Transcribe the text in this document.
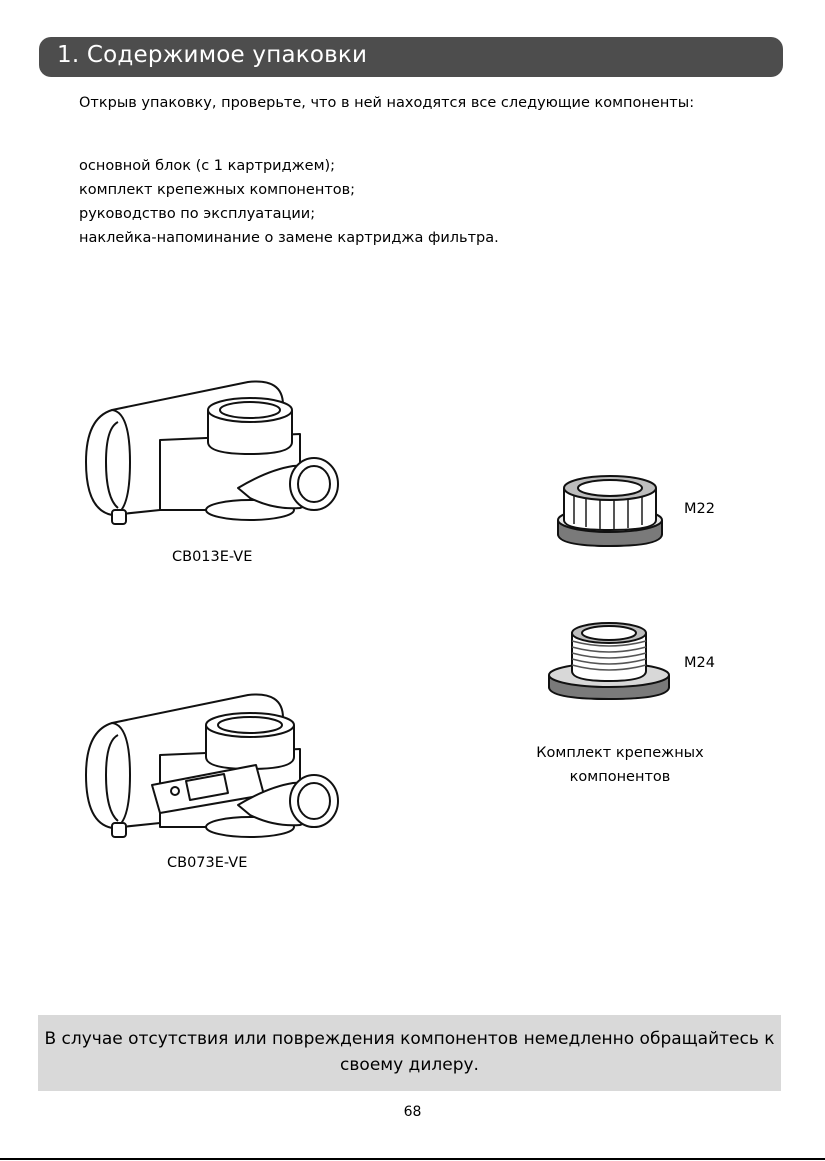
1. Содержимое упаковки
Открыв упаковку, проверьте, что в ней находятся все следующие компоненты:
основной блок (с 1 картриджем);
комплект крепежных компонентов;
руководство по эксплуатации;
наклейка-напоминание о замене картриджа фильтра.
CB013E-VE
CB073E-VE
M22
M24
Комплект крепежных
компонентов
В случае отсутствия или повреждения компонентов немедленно обращайтесь к
своему дилеру.
68
